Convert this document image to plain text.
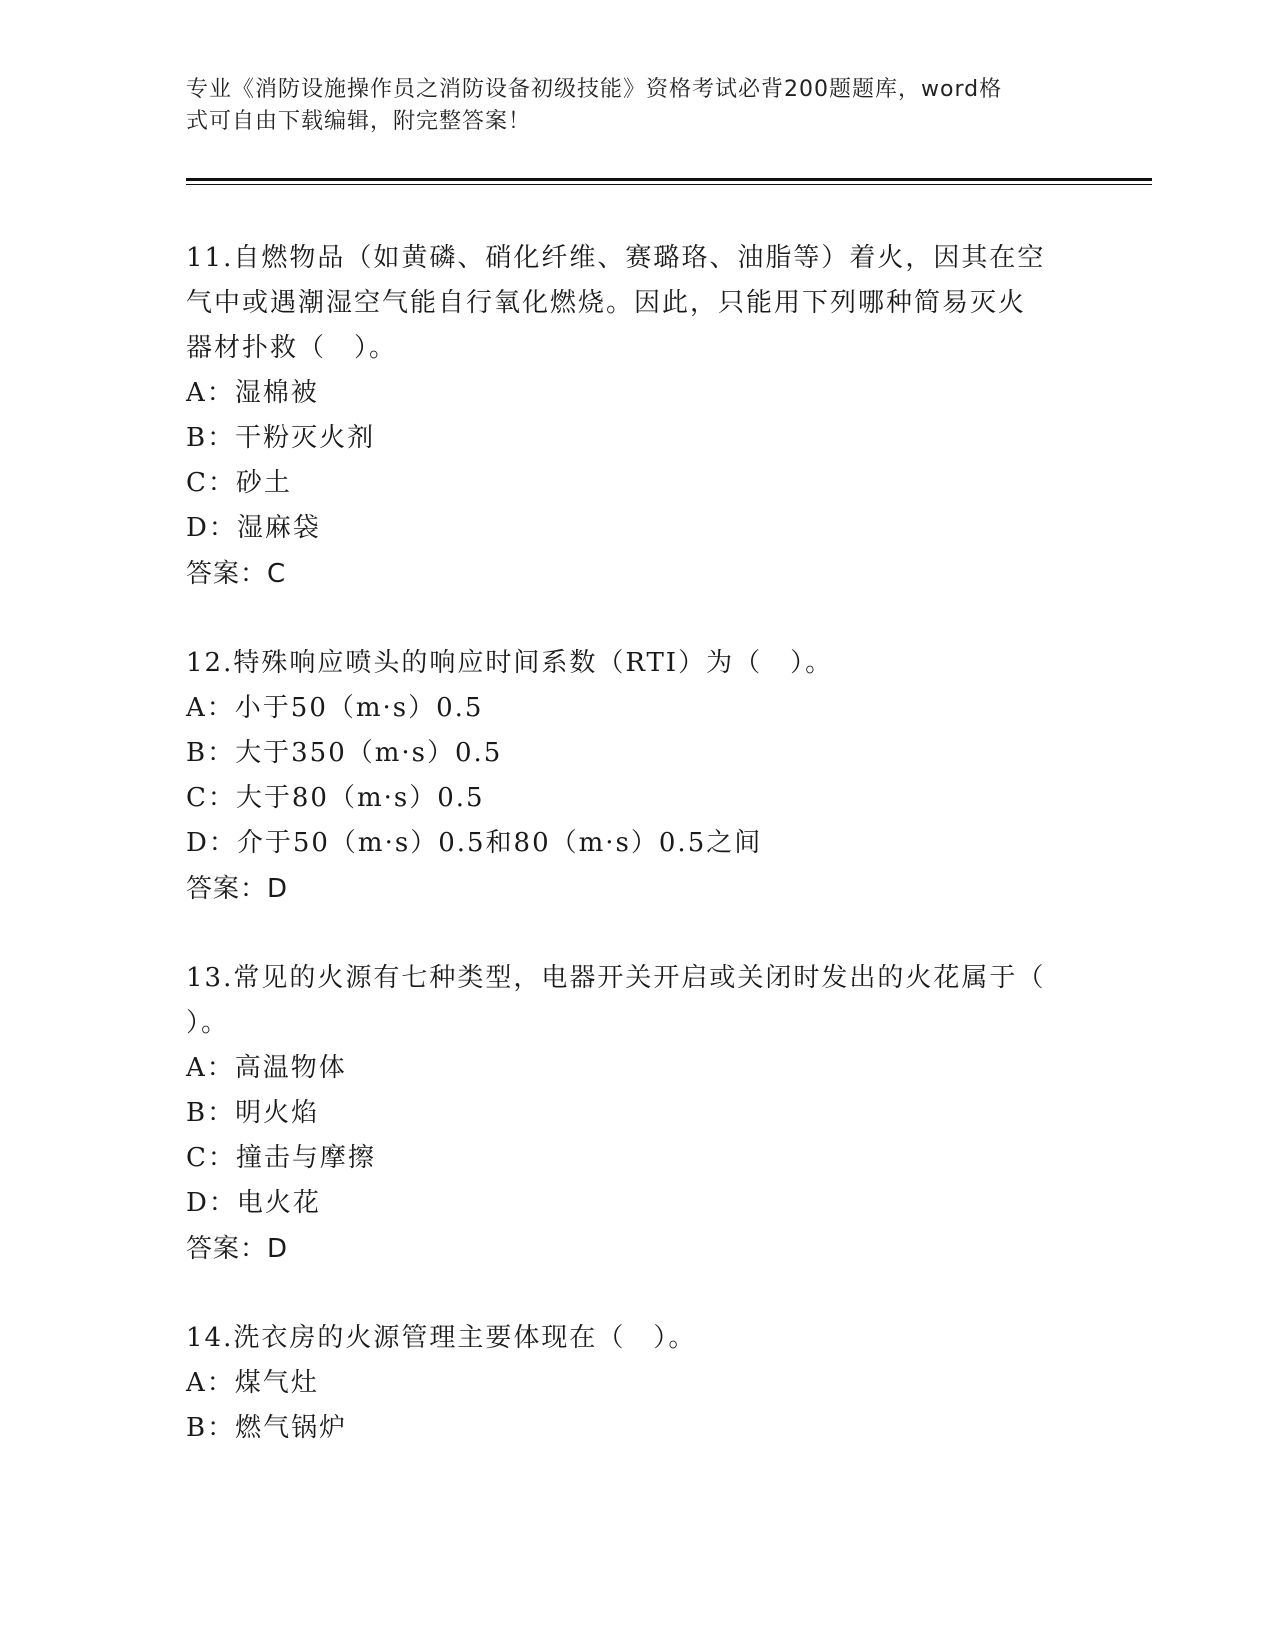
专业《消防设施操作员之消防设备初级技能》资格考试必背200题题库，word格
式可自由下载编辑，附完整答案！

11.自燃物品（如黄磷、硝化纤维、赛璐珞、油脂等）着火，因其在空

气中或遇潮湿空气能自行氧化燃烧。因此，只能用下列哪种简易灭火

器材扑救（　）。

A：湿棉被

B：干粉灭火剂

C：砂土

D：湿麻袋

答案：C

12.特殊响应喷头的响应时间系数（RTI）为（　）。

A：小于50（m·s）0.5

B：大于350（m·s）0.5

C：大于80（m·s）0.5

D：介于50（m·s）0.5和80（m·s）0.5之间

答案：D

13.常见的火源有七种类型，电器开关开启或关闭时发出的火花属于（

）。

A：高温物体

B：明火焰

C：撞击与摩擦

D：电火花

答案：D

14.洗衣房的火源管理主要体现在（　）。

A：煤气灶

B：燃气锅炉
